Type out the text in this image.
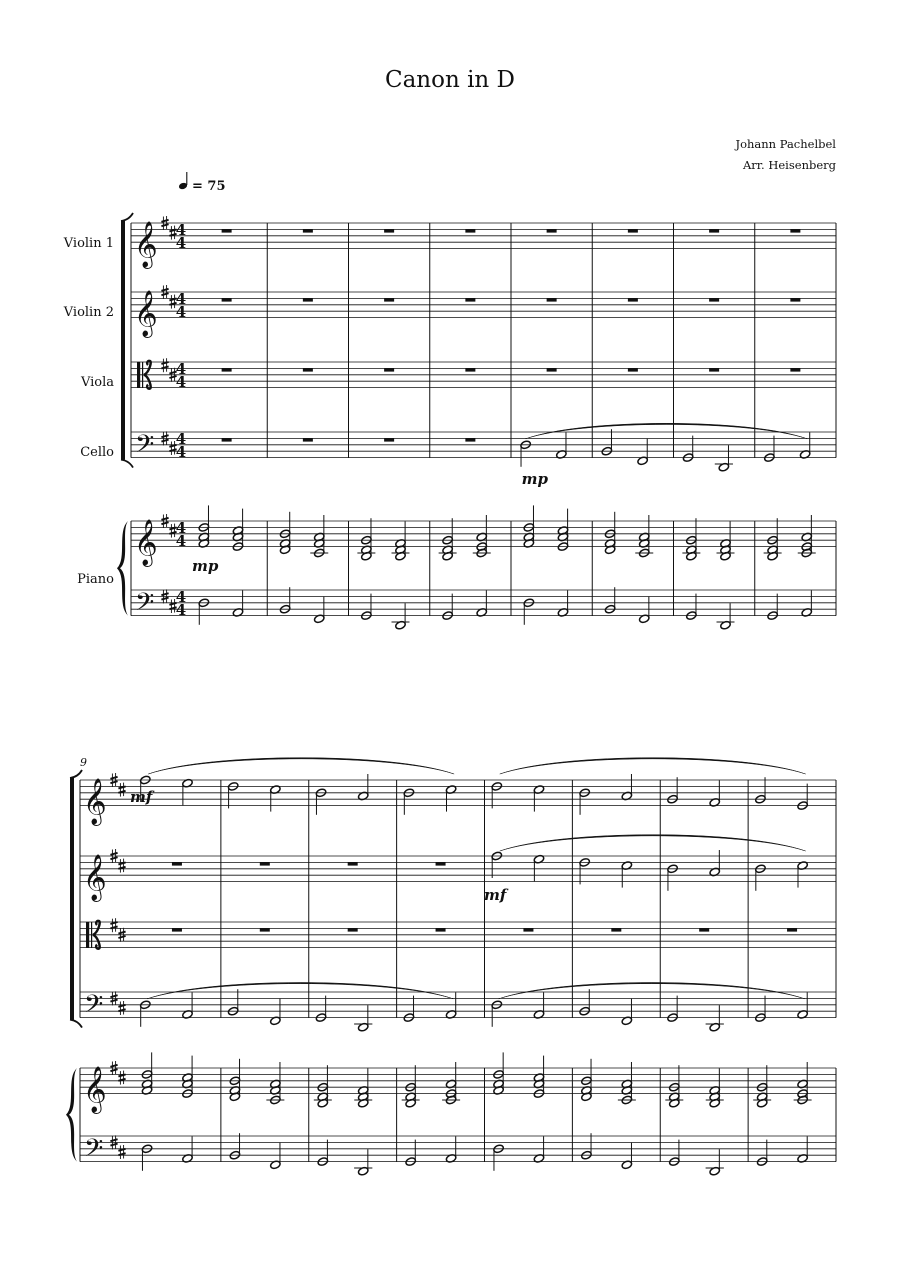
Canon in D
Johann Pachelbel
Arr. Heisenberg
= 75
𝄞 4
4
𝄞 4
4
4
4
𝄢 4
4
𝄞 4
4
𝄢 4
4
Violin 1
Violin 2
Viola
Cello
Piano
mp
mp
𝄞
𝄞
𝄢
𝄞
𝄢
9
mf
mf
